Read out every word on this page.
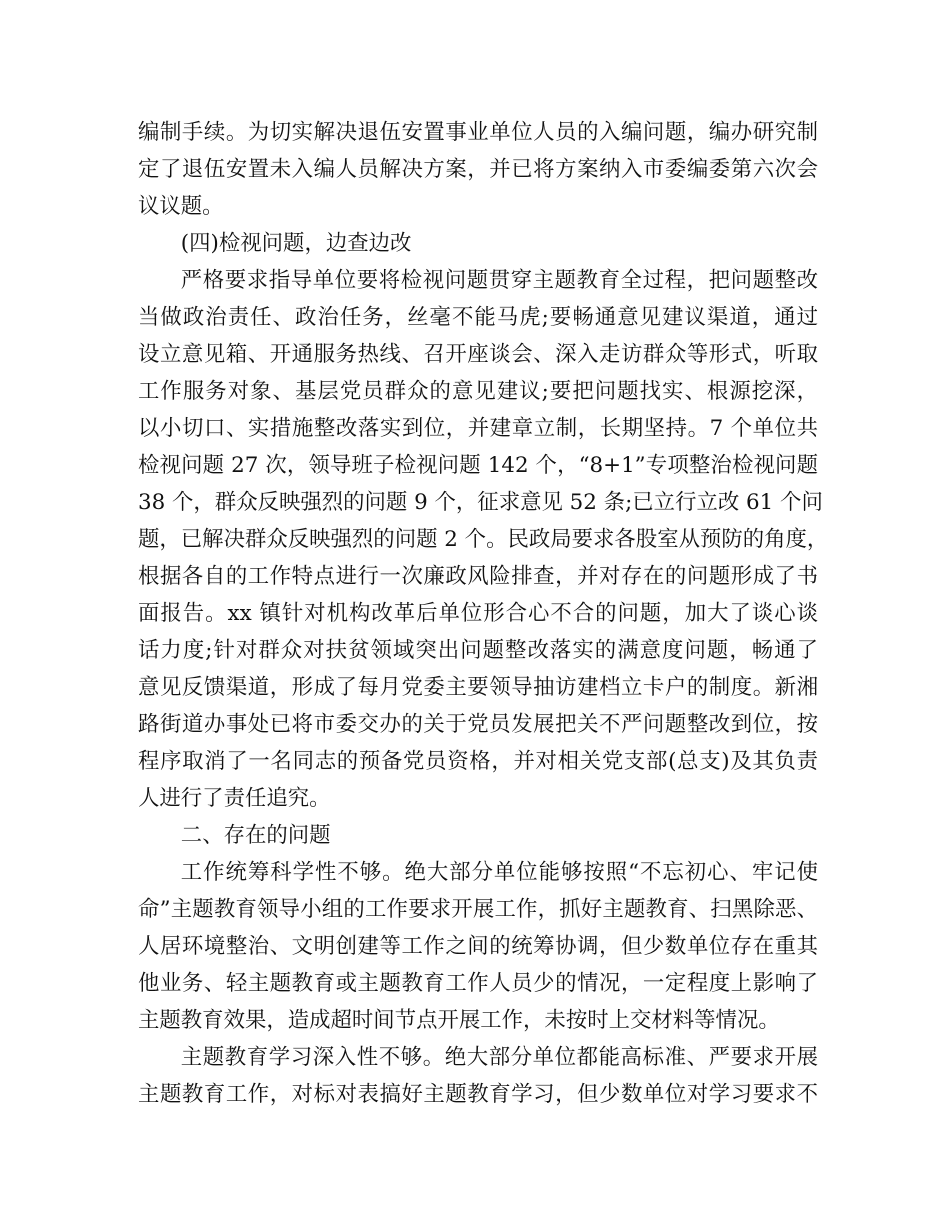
编制手续。为切实解决退伍安置事业单位人员的入编问题，编办研究制
定了退伍安置未入编人员解决方案，并已将方案纳入市委编委第六次会
议议题。

(四)检视问题，边查边改

严格要求指导单位要将检视问题贯穿主题教育全过程，把问题整改
当做政治责任、政治任务，丝毫不能马虎;要畅通意见建议渠道，通过
设立意见箱、开通服务热线、召开座谈会、深入走访群众等形式，听取
工作服务对象、基层党员群众的意见建议;要把问题找实、根源挖深，
以小切口、实措施整改落实到位，并建章立制，长期坚持。7 个单位共
检视问题 27 次，领导班子检视问题 142 个，“8+1”专项整治检视问题
38 个，群众反映强烈的问题 9 个，征求意见 52 条;已立行立改 61 个问
题，已解决群众反映强烈的问题 2 个。民政局要求各股室从预防的角度，
根据各自的工作特点进行一次廉政风险排查，并对存在的问题形成了书
面报告。xx 镇针对机构改革后单位形合心不合的问题，加大了谈心谈
话力度;针对群众对扶贫领域突出问题整改落实的满意度问题，畅通了
意见反馈渠道，形成了每月党委主要领导抽访建档立卡户的制度。新湘
路街道办事处已将市委交办的关于党员发展把关不严问题整改到位，按
程序取消了一名同志的预备党员资格，并对相关党支部(总支)及其负责
人进行了责任追究。

二、存在的问题

工作统筹科学性不够。绝大部分单位能够按照“不忘初心、牢记使
命”主题教育领导小组的工作要求开展工作，抓好主题教育、扫黑除恶、
人居环境整治、文明创建等工作之间的统筹协调，但少数单位存在重其
他业务、轻主题教育或主题教育工作人员少的情况，一定程度上影响了
主题教育效果，造成超时间节点开展工作，未按时上交材料等情况。

主题教育学习深入性不够。绝大部分单位都能高标准、严要求开展
主题教育工作，对标对表搞好主题教育学习，但少数单位对学习要求不
